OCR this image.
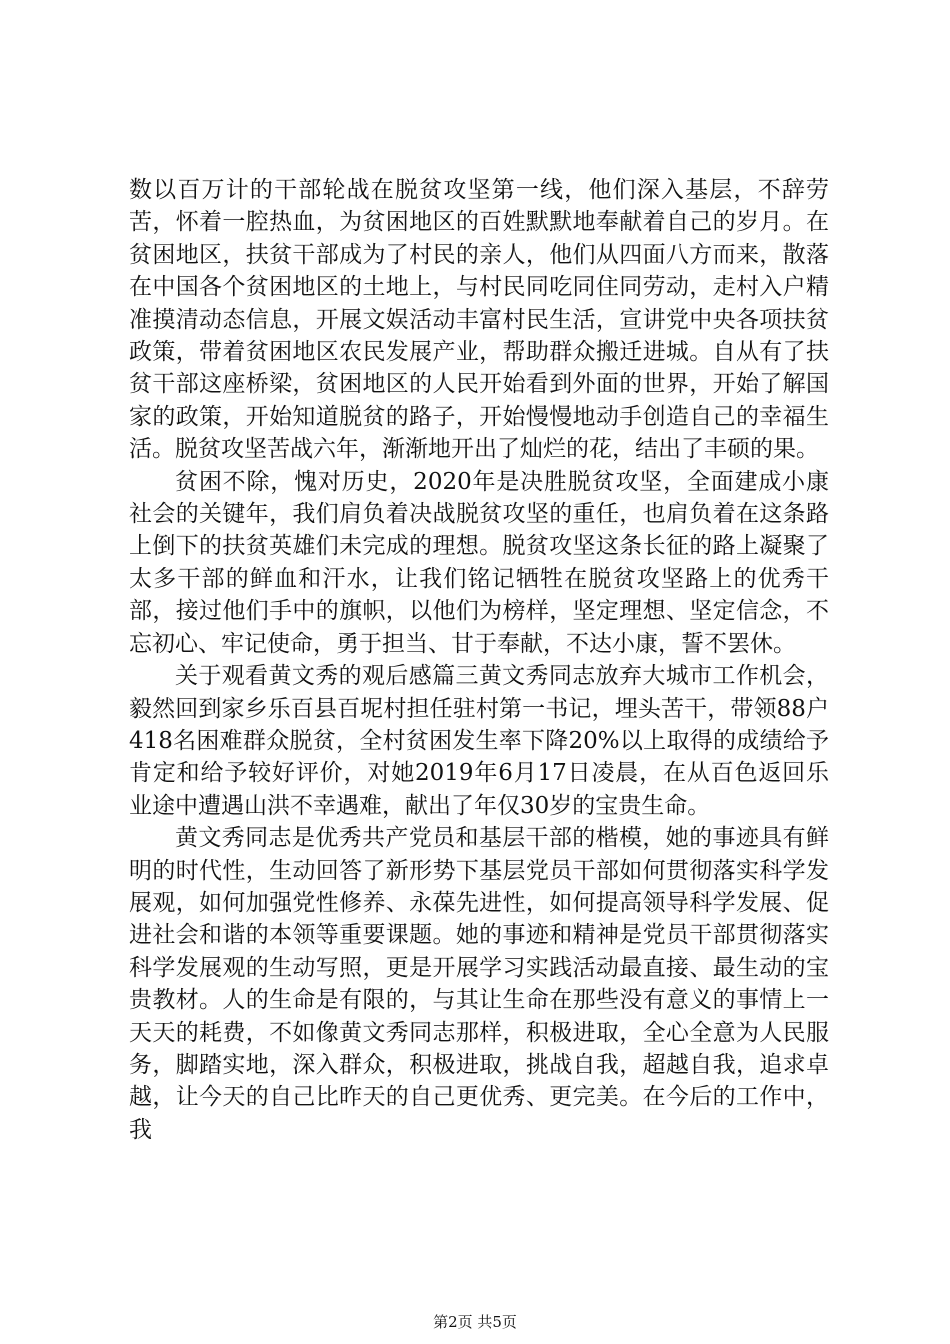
数以百万计的干部轮战在脱贫攻坚第一线，他们深入基层，不辞劳苦，怀着一腔热血，为贫困地区的百姓默默地奉献着自己的岁月。在贫困地区，扶贫干部成为了村民的亲人，他们从四面八方而来，散落在中国各个贫困地区的土地上，与村民同吃同住同劳动，走村入户精准摸清动态信息，开展文娱活动丰富村民生活，宣讲党中央各项扶贫政策，带着贫困地区农民发展产业，帮助群众搬迁进城。自从有了扶贫干部这座桥梁，贫困地区的人民开始看到外面的世界，开始了解国家的政策，开始知道脱贫的路子，开始慢慢地动手创造自己的幸福生活。脱贫攻坚苦战六年，渐渐地开出了灿烂的花，结出了丰硕的果。

贫困不除，愧对历史，2020年是决胜脱贫攻坚，全面建成小康社会的关键年，我们肩负着决战脱贫攻坚的重任，也肩负着在这条路上倒下的扶贫英雄们未完成的理想。脱贫攻坚这条长征的路上凝聚了太多干部的鲜血和汗水，让我们铭记牺牲在脱贫攻坚路上的优秀干部，接过他们手中的旗帜，以他们为榜样，坚定理想、坚定信念，不忘初心、牢记使命，勇于担当、甘于奉献，不达小康，誓不罢休。

关于观看黄文秀的观后感篇三黄文秀同志放弃大城市工作机会，毅然回到家乡乐百县百坭村担任驻村第一书记，埋头苦干，带领88户418名困难群众脱贫，全村贫困发生率下降20%以上取得的成绩给予肯定和给予较好评价，对她2019年6月17日凌晨，在从百色返回乐业途中遭遇山洪不幸遇难，献出了年仅30岁的宝贵生命。

黄文秀同志是优秀共产党员和基层干部的楷模，她的事迹具有鲜明的时代性，生动回答了新形势下基层党员干部如何贯彻落实科学发展观，如何加强党性修养、永葆先进性，如何提高领导科学发展、促进社会和谐的本领等重要课题。她的事迹和精神是党员干部贯彻落实科学发展观的生动写照，更是开展学习实践活动最直接、最生动的宝贵教材。人的生命是有限的，与其让生命在那些没有意义的事情上一天天的耗费，不如像黄文秀同志那样，积极进取，全心全意为人民服务，脚踏实地，深入群众，积极进取，挑战自我，超越自我，追求卓越，让今天的自己比昨天的自己更优秀、更完美。在今后的工作中，我

第2页 共5页
